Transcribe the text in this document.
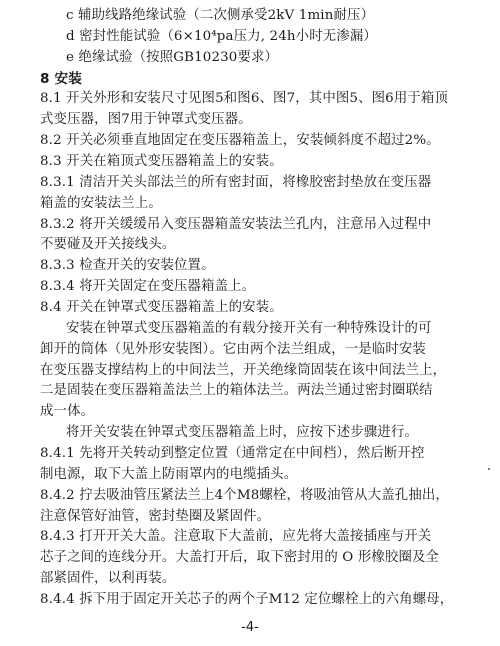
c 辅助线路绝缘试验（二次侧承受2kV 1min耐压）
d 密封性能试验（6×10⁴pa压力, 24h小时无渗漏）
e 绝缘试验（按照GB10230要求）
8 安装
8.1 开关外形和安装尺寸见图5和图6、图7，其中图5、图6用于箱顶
式变压器，图7用于钟罩式变压器。
8.2 开关必须垂直地固定在变压器箱盖上，安装倾斜度不超过2%。
8.3 开关在箱顶式变压器箱盖上的安装。
8.3.1 清洁开关头部法兰的所有密封面，将橡胶密封垫放在变压器
箱盖的安装法兰上。
8.3.2 将开关缓缓吊入变压器箱盖安装法兰孔内，注意吊入过程中
不要碰及开关接线头。
8.3.3 检查开关的安装位置。
8.3.4 将开关固定在变压器箱盖上。
8.4 开关在钟罩式变压器箱盖上的安装。
安装在钟罩式变压器箱盖的有载分接开关有一种特殊设计的可
卸开的筒体（见外形安装图）。它由两个法兰组成，一是临时安装
在变压器支撑结构上的中间法兰，开关绝缘筒固装在该中间法兰上，
二是固装在变压器箱盖法兰上的箱体法兰。两法兰通过密封圈联结
成一体。
将开关安装在钟罩式变压器箱盖上时，应按下述步骤进行。
8.4.1 先将开关转动到整定位置（通常定在中间档），然后断开控
制电源，取下大盖上防雨罩内的电缆插头。
8.4.2 拧去吸油管压紧法兰上4个M8螺栓，将吸油管从大盖孔抽出，
-4-
注意保管好油管，密封垫圈及紧固件。
8.4.3 打开开关大盖。注意取下大盖前，应先将大盖接插座与开关
芯子之间的连线分开。大盖打开后，取下密封用的 O 形橡胶圈及全
部紧固件，以利再装。
8.4.4 拆下用于固定开关芯子的两个子M12 定位螺栓上的六角螺母，
